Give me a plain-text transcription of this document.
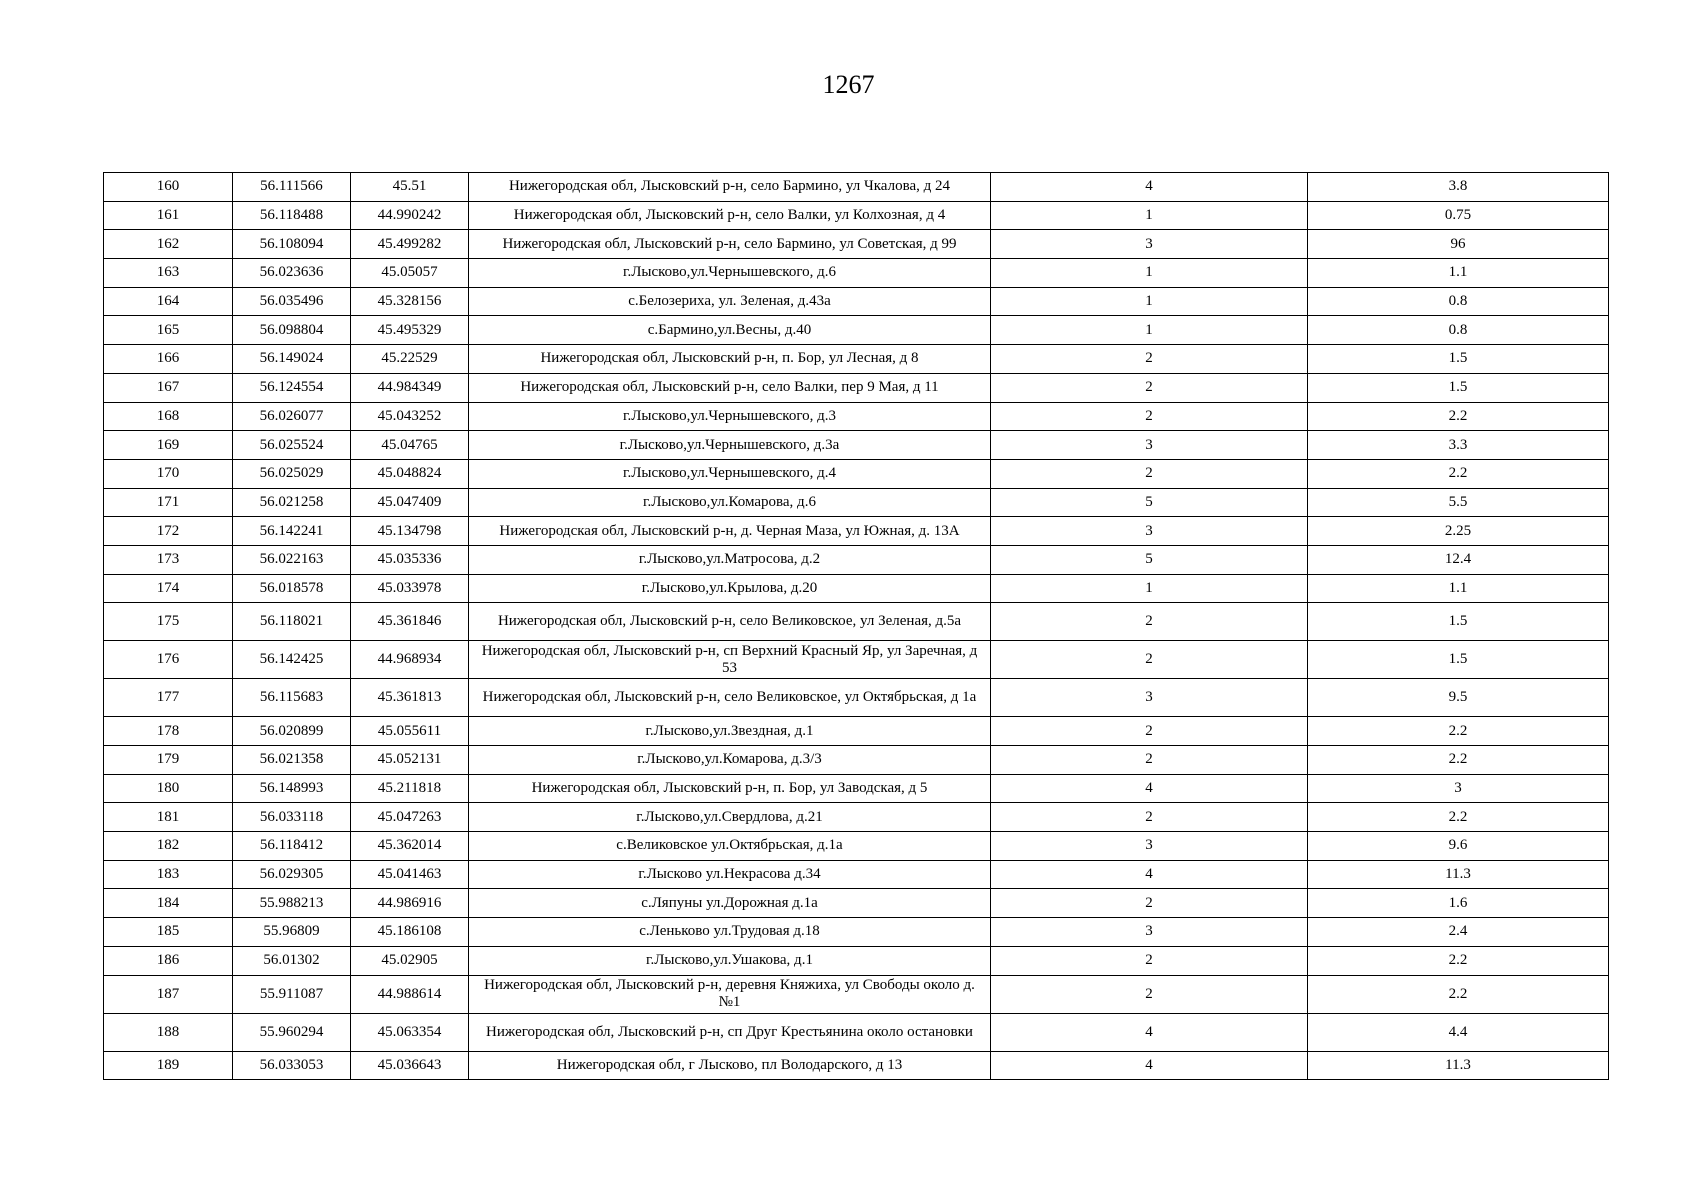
1267
160	56.111566	45.51	Нижегородская обл, Лысковский р-н, село Бармино, ул Чкалова, д 24	4	3.8
161	56.118488	44.990242	Нижегородская обл, Лысковский р-н, село Валки, ул Колхозная, д 4	1	0.75
162	56.108094	45.499282	Нижегородская обл, Лысковский р-н, село Бармино, ул Советская, д 99	3	96
163	56.023636	45.05057	г.Лысково,ул.Чернышевского, д.6	1	1.1
164	56.035496	45.328156	с.Белозериха, ул. Зеленая, д.43а	1	0.8
165	56.098804	45.495329	с.Бармино,ул.Весны, д.40	1	0.8
166	56.149024	45.22529	Нижегородская обл, Лысковский р-н, п. Бор, ул Лесная, д 8	2	1.5
167	56.124554	44.984349	Нижегородская обл, Лысковский р-н, село Валки, пер 9 Мая, д 11	2	1.5
168	56.026077	45.043252	г.Лысково,ул.Чернышевского, д.3	2	2.2
169	56.025524	45.04765	г.Лысково,ул.Чернышевского, д.3а	3	3.3
170	56.025029	45.048824	г.Лысково,ул.Чернышевского, д.4	2	2.2
171	56.021258	45.047409	г.Лысково,ул.Комарова, д.6	5	5.5
172	56.142241	45.134798	Нижегородская обл, Лысковский р-н, д. Черная Маза, ул Южная, д. 13А	3	2.25
173	56.022163	45.035336	г.Лысково,ул.Матросова, д.2	5	12.4
174	56.018578	45.033978	г.Лысково,ул.Крылова, д.20	1	1.1
175	56.118021	45.361846	Нижегородская обл, Лысковский р-н, село Великовское, ул Зеленая, д.5а	2	1.5
176	56.142425	44.968934	Нижегородская обл, Лысковский р-н, сп Верхний Красный Яр, ул Заречная, д 53	2	1.5
177	56.115683	45.361813	Нижегородская обл, Лысковский р-н, село Великовское, ул Октябрьская, д 1а	3	9.5
178	56.020899	45.055611	г.Лысково,ул.Звездная, д.1	2	2.2
179	56.021358	45.052131	г.Лысково,ул.Комарова, д.3/3	2	2.2
180	56.148993	45.211818	Нижегородская обл, Лысковский р-н, п. Бор, ул Заводская, д 5	4	3
181	56.033118	45.047263	г.Лысково,ул.Свердлова, д.21	2	2.2
182	56.118412	45.362014	с.Великовское ул.Октябрьская, д.1а	3	9.6
183	56.029305	45.041463	г.Лысково ул.Некрасова д.34	4	11.3
184	55.988213	44.986916	с.Ляпуны ул.Дорожная д.1а	2	1.6
185	55.96809	45.186108	с.Леньково ул.Трудовая д.18	3	2.4
186	56.01302	45.02905	г.Лысково,ул.Ушакова, д.1	2	2.2
187	55.911087	44.988614	Нижегородская обл, Лысковский р-н, деревня Княжиха, ул Свободы около д.№1	2	2.2
188	55.960294	45.063354	Нижегородская обл, Лысковский р-н, сп Друг Крестьянина около остановки	4	4.4
189	56.033053	45.036643	Нижегородская обл, г Лысково, пл Володарского, д 13	4	11.3
